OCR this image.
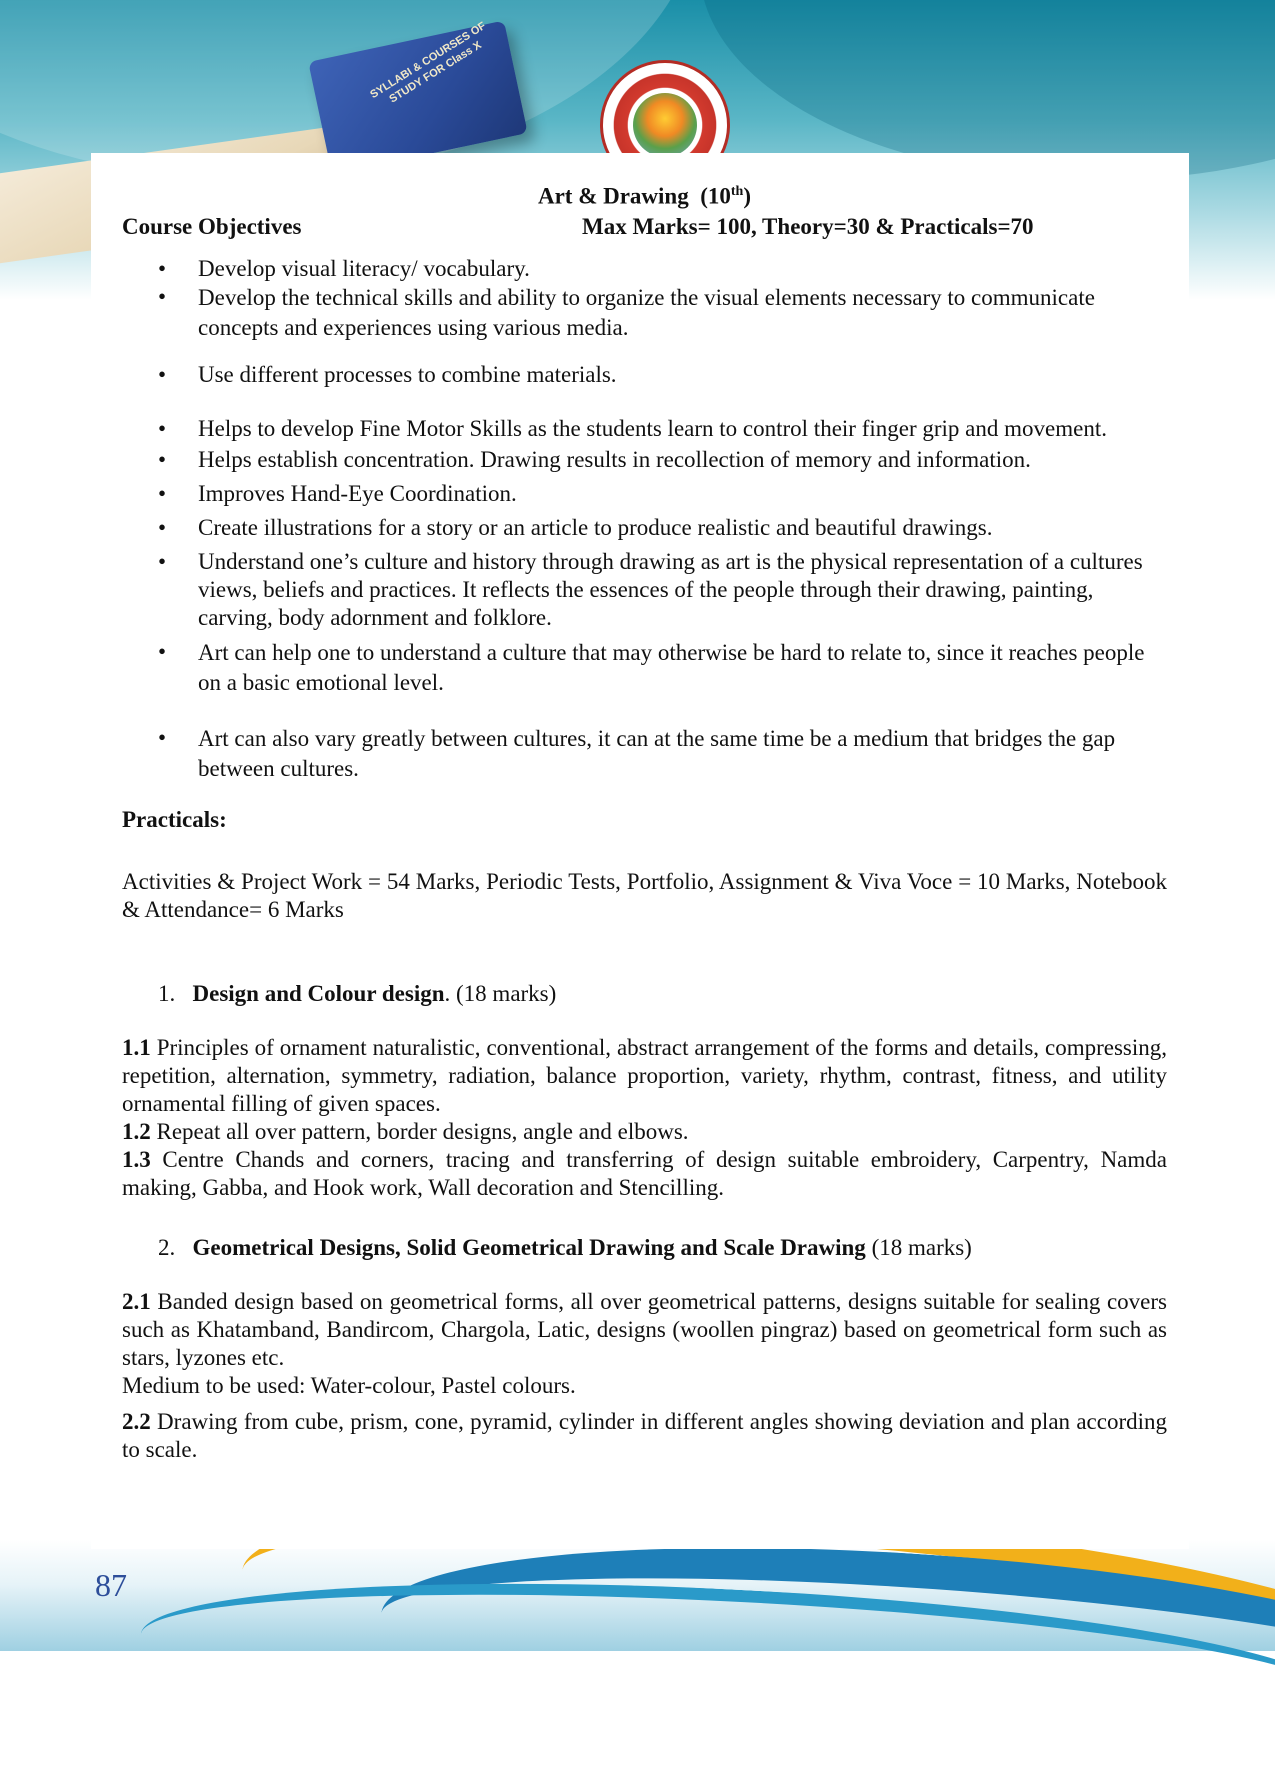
SYLLABI & COURSES OF STUDY FOR Class X

Art & Drawing (10th)

Course Objectives	Max Marks= 100, Theory=30 & Practicals=70
• Develop visual literacy/ vocabulary.
• Develop the technical skills and ability to organize the visual elements necessary to communicate concepts and experiences using various media.
• Use different processes to combine materials.
• Helps to develop Fine Motor Skills as the students learn to control their finger grip and movement.
• Helps establish concentration. Drawing results in recollection of memory and information.
• Improves Hand-Eye Coordination.
• Create illustrations for a story or an article to produce realistic and beautiful drawings.
• Understand one’s culture and history through drawing as art is the physical representation of a cultures views, beliefs and practices. It reflects the essences of the people through their drawing, painting, carving, body adornment and folklore.
• Art can help one to understand a culture that may otherwise be hard to relate to, since it reaches people on a basic emotional level.
• Art can also vary greatly between cultures, it can at the same time be a medium that bridges the gap between cultures.

Practicals:

Activities & Project Work = 54 Marks, Periodic Tests, Portfolio, Assignment & Viva Voce = 10 Marks, Notebook & Attendance= 6 Marks

1. Design and Colour design. (18 marks)

1.1 Principles of ornament naturalistic, conventional, abstract arrangement of the forms and details, compressing, repetition, alternation, symmetry, radiation, balance proportion, variety, rhythm, contrast, fitness, and utility ornamental filling of given spaces.

1.2 Repeat all over pattern, border designs, angle and elbows.

1.3 Centre Chands and corners, tracing and transferring of design suitable embroidery, Carpentry, Namda making, Gabba, and Hook work, Wall decoration and Stencilling.

2. Geometrical Designs, Solid Geometrical Drawing and Scale Drawing (18 marks)

2.1 Banded design based on geometrical forms, all over geometrical patterns, designs suitable for sealing covers such as Khatamband, Bandircom, Chargola, Latic, designs (woollen pingraz) based on geometrical form such as stars, lyzones etc.

Medium to be used: Water-colour, Pastel colours.

2.2 Drawing from cube, prism, cone, pyramid, cylinder in different angles showing deviation and plan according to scale.

87
